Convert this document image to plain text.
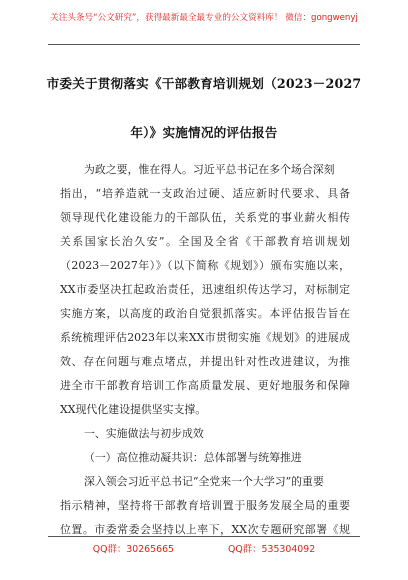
关注头条号“公文研究”，获得最新最全最专业的公文资料库！ 微信：gongwenyj
市委关于贯彻落实《干部教育培训规划（2023－2027
年）》实施情况的评估报告
为政之要，惟在得人。习近平总书记在多个场合深刻
指出，“培养造就一支政治过硬、适应新时代要求、具备
领导现代化建设能力的干部队伍，关系党的事业薪火相传
关系国家长治久安”。全国及全省《干部教育培训规划
（2023－2027年）》（以下简称《规划》）颁布实施以来，
XX市委坚决扛起政治责任，迅速组织传达学习，对标制定
实施方案，以高度的政治自觉狠抓落实。本评估报告旨在
系统梳理评估2023年以来XX市贯彻实施《规划》的进展成
效、存在问题与难点堵点，并提出针对性改进建议，为推
进全市干部教育培训工作高质量发展、更好地服务和保障
XX现代化建设提供坚实支撑。
一、实施做法与初步成效
（一）高位推动凝共识：总体部署与统筹推进
深入领会习近平总书记“全党来一个大学习”的重要
指示精神，坚持将干部教育培训置于服务发展全局的重要
位置。市委常委会坚持以上率下，XX次专题研究部署《规
QQ群：30265665	QQ群：535304092
